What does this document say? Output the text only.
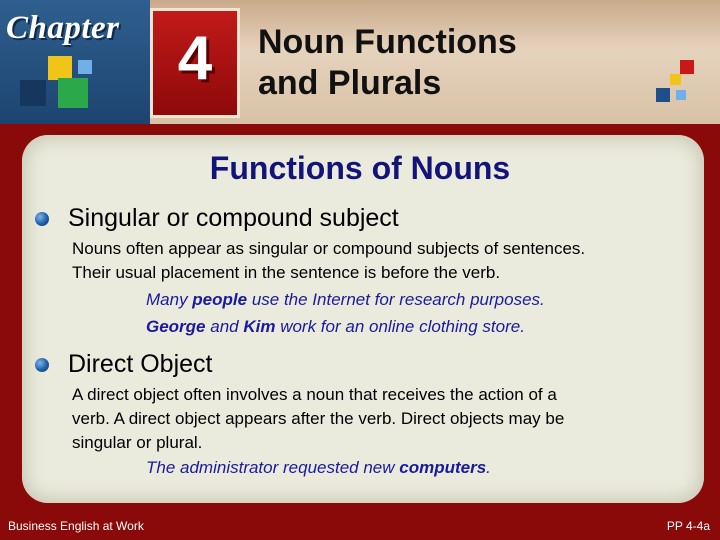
Chapter 4	Noun Functions
and Plurals
Functions of Nouns
Singular or compound subject
Nouns often appear as singular or compound subjects of sentences.
Their usual placement in the sentence is before the verb.
Many people use the Internet for research purposes.
George and Kim work for an online clothing store.
Direct Object
A direct object often involves a noun that receives the action of a
verb. A direct object appears after the verb. Direct objects may be
singular or plural.
The administrator requested new computers.
Business English at Work	PP 4-4a
